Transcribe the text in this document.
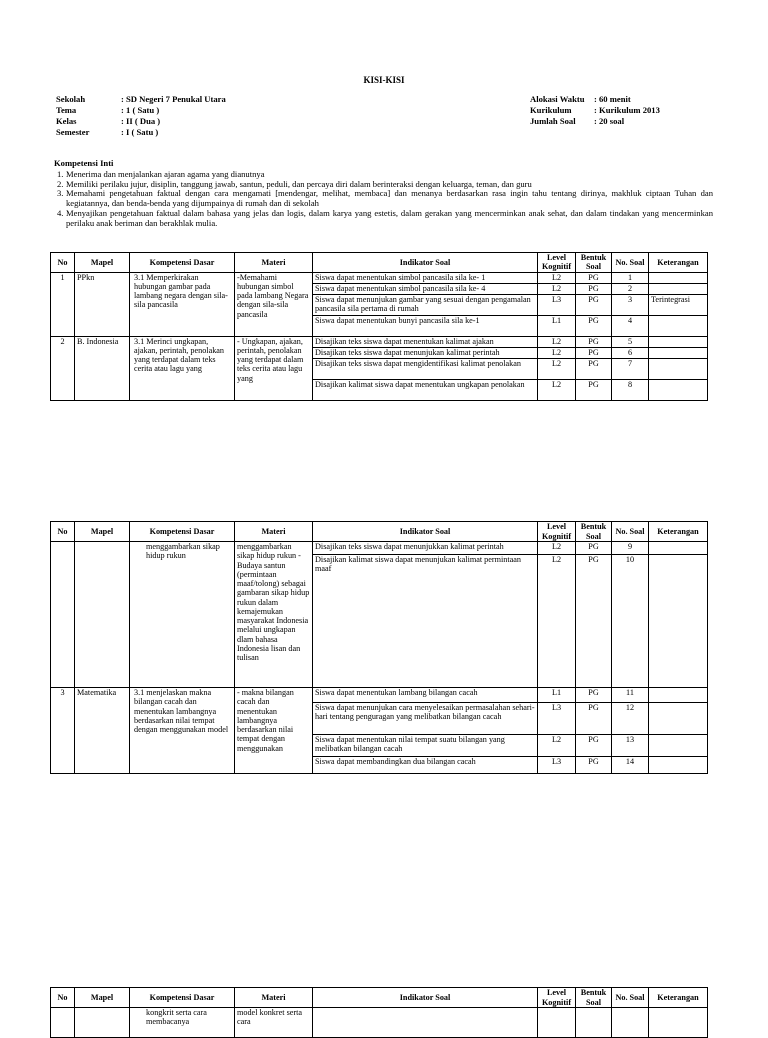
KISI-KISI
Sekolah	: SD Negeri 7 Penukal Utara
Tema	: 1 ( Satu )
Kelas	: II ( Dua )
Semester	: I ( Satu )
Alokasi Waktu : 60 menit
Kurikulum	: Kurikulum 2013
Jumlah Soal : 20 soal
Kompetensi Inti
1. Menerima dan menjalankan ajaran agama yang dianutnya
2. Memiliki perilaku jujur, disiplin, tanggung jawab, santun, peduli, dan percaya diri dalam berinteraksi dengan keluarga, teman, dan guru
3. Memahami pengetahuan faktual dengan cara mengamati [mendengar, melihat, membaca] dan menanya berdasarkan rasa ingin tahu tentang dirinya, makhluk ciptaan Tuhan dan kegiatannya, dan benda-benda yang dijumpainya di rumah dan di sekolah
4. Menyajikan pengetahuan faktual dalam bahasa yang jelas dan logis, dalam karya yang estetis, dalam gerakan yang mencerminkan anak sehat, dan dalam tindakan yang mencerminkan perilaku anak beriman dan berakhlak mulia.
No	Mapel	Kompetensi Dasar	Materi	Indikator Soal	Level Kognitif	Bentuk Soal	No. Soal	Keterangan
1	PPkn	3.1 Memperkirakan hubungan gambar pada lambang negara dengan sila-sila pancasila	-Memahami hubungan simbol pada lambang Negara dengan sila-sila pancasila	Siswa dapat menentukan simbol pancasila sila ke- 1	L2	PG	1	
				Siswa dapat menentukan simbol pancasila sila ke- 4	L2	PG	2	
				Siswa dapat menunjukan gambar yang sesuai dengan pengamalan pancasila sila pertama di rumah	L3	PG	3	Terintegrasi
				Siswa dapat menentukan bunyi pancasila sila ke-1	L1	PG	4	
2	B. Indonesia	3.1 Merinci ungkapan, ajakan, perintah, penolakan yang terdapat dalam teks cerita atau lagu yang	- Ungkapan, ajakan, perintah, penolakan yang terdapat dalam teks cerita atau lagu yang	Disajikan teks siswa dapat menentukan kalimat ajakan	L2	PG	5	
				Disajikan teks siswa dapat menunjukan kalimat perintah	L2	PG	6	
				Disajikan teks siswa dapat mengidentifikasi kalimat penolakan	L2	PG	7	
				Disajikan kalimat siswa dapat menentukan ungkapan penolakan	L2	PG	8	
No	Mapel	Kompetensi Dasar	Materi	Indikator Soal	Level Kognitif	Bentuk Soal	No. Soal	Keterangan

		menggambarkan sikap hidup rukun	menggambarkan sikap hidup rukun - Budaya santun (permintaan maaf/tolong) sebagai gambaran sikap hidup rukun dalam kemajemukan masyarakat Indonesia melalui ungkapan dlam bahasa Indonesia lisan dan tulisan	Disajikan teks siswa dapat menunjukkan kalimat perintah	L2	PG	9	
				Disajikan kalimat siswa dapat menunjukan kalimat permintaan maaf	L2	PG	10	
3	Matematika	3.1 menjelaskan makna bilangan cacah dan menentukan lambangnya berdasarkan nilai tempat dengan menggunakan model	- makna bilangan cacah dan menentukan lambangnya berdasarkan nilai tempat dengan menggunakan	Siswa dapat menentukan lambang bilangan cacah	L1	PG	11	
				Siswa dapat menunjukan cara menyelesaikan permasalahan sehari-hari tentang penguragan yang melibatkan bilangan cacah	L3	PG	12	
				Siswa dapat menentukan nilai tempat suatu bilangan yang melibatkan bilangan cacah	L2	PG	13	
				Siswa dapat membandingkan dua bilangan cacah	L3	PG	14	
No	Mapel	Kompetensi Dasar	Materi	Indikator Soal	Level Kognitif	Bentuk Soal	No. Soal	Keterangan

		kongkrit serta cara membacanya	model konkret serta cara					
